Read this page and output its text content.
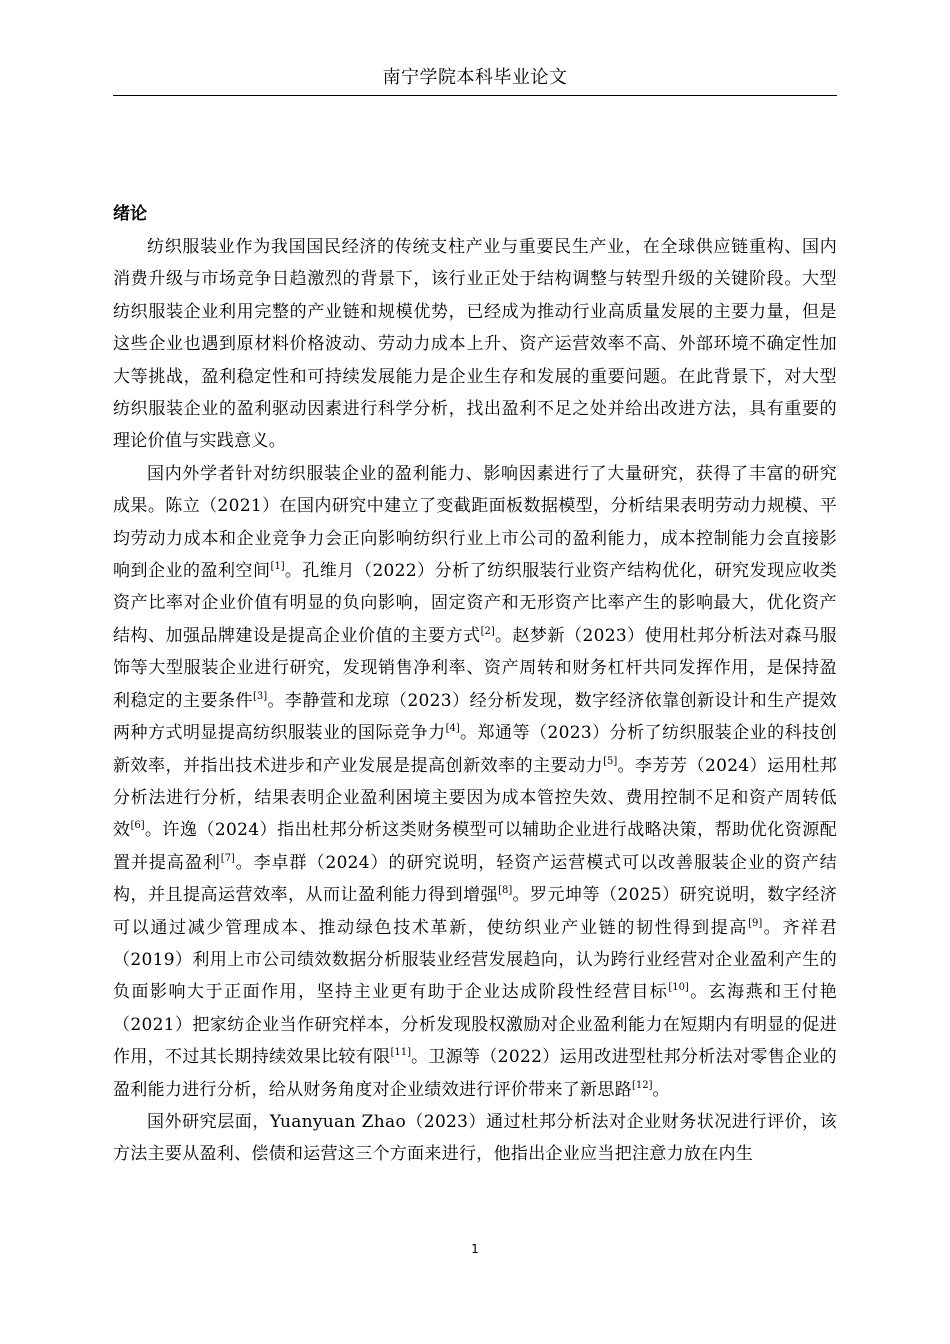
南宁学院本科毕业论文
绪论

纺织服装业作为我国国民经济的传统支柱产业与重要民生产业，在全球供应链重构、国内消费升级与市场竞争日趋激烈的背景下，该行业正处于结构调整与转型升级的关键阶段。大型纺织服装企业利用完整的产业链和规模优势，已经成为推动行业高质量发展的主要力量，但是这些企业也遇到原材料价格波动、劳动力成本上升、资产运营效率不高、外部环境不确定性加大等挑战，盈利稳定性和可持续发展能力是企业生存和发展的重要问题。在此背景下，对大型纺织服装企业的盈利驱动因素进行科学分析，找出盈利不足之处并给出改进方法，具有重要的理论价值与实践意义。

国内外学者针对纺织服装企业的盈利能力、影响因素进行了大量研究，获得了丰富的研究成果。陈立（2021）在国内研究中建立了变截距面板数据模型，分析结果表明劳动力规模、平均劳动力成本和企业竞争力会正向影响纺织行业上市公司的盈利能力，成本控制能力会直接影响到企业的盈利空间[1]。孔维月（2022）分析了纺织服装行业资产结构优化，研究发现应收类资产比率对企业价值有明显的负向影响，固定资产和无形资产比率产生的影响最大，优化资产结构、加强品牌建设是提高企业价值的主要方式[2]。赵梦新（2023）使用杜邦分析法对森马服饰等大型服装企业进行研究，发现销售净利率、资产周转和财务杠杆共同发挥作用，是保持盈利稳定的主要条件[3]。李静萱和龙琼（2023）经分析发现，数字经济依靠创新设计和生产提效两种方式明显提高纺织服装业的国际竞争力[4]。郑通等（2023）分析了纺织服装企业的科技创新效率，并指出技术进步和产业发展是提高创新效率的主要动力[5]。李芳芳（2024）运用杜邦分析法进行分析，结果表明企业盈利困境主要因为成本管控失效、费用控制不足和资产周转低效[6]。许逸（2024）指出杜邦分析这类财务模型可以辅助企业进行战略决策，帮助优化资源配置并提高盈利[7]。李卓群（2024）的研究说明，轻资产运营模式可以改善服装企业的资产结构，并且提高运营效率，从而让盈利能力得到增强[8]。罗元坤等（2025）研究说明，数字经济可以通过减少管理成本、推动绿色技术革新，使纺织业产业链的韧性得到提高[9]。齐祥君（2019）利用上市公司绩效数据分析服装业经营发展趋向，认为跨行业经营对企业盈利产生的负面影响大于正面作用，坚持主业更有助于企业达成阶段性经营目标[10]。玄海燕和王付艳（2021）把家纺企业当作研究样本，分析发现股权激励对企业盈利能力在短期内有明显的促进作用，不过其长期持续效果比较有限[11]。卫源等（2022）运用改进型杜邦分析法对零售企业的盈利能力进行分析，给从财务角度对企业绩效进行评价带来了新思路[12]。

国外研究层面，Yuanyuan Zhao（2023）通过杜邦分析法对企业财务状况进行评价，该方法主要从盈利、偿债和运营这三个方面来进行，他指出企业应当把注意力放在内生

1
